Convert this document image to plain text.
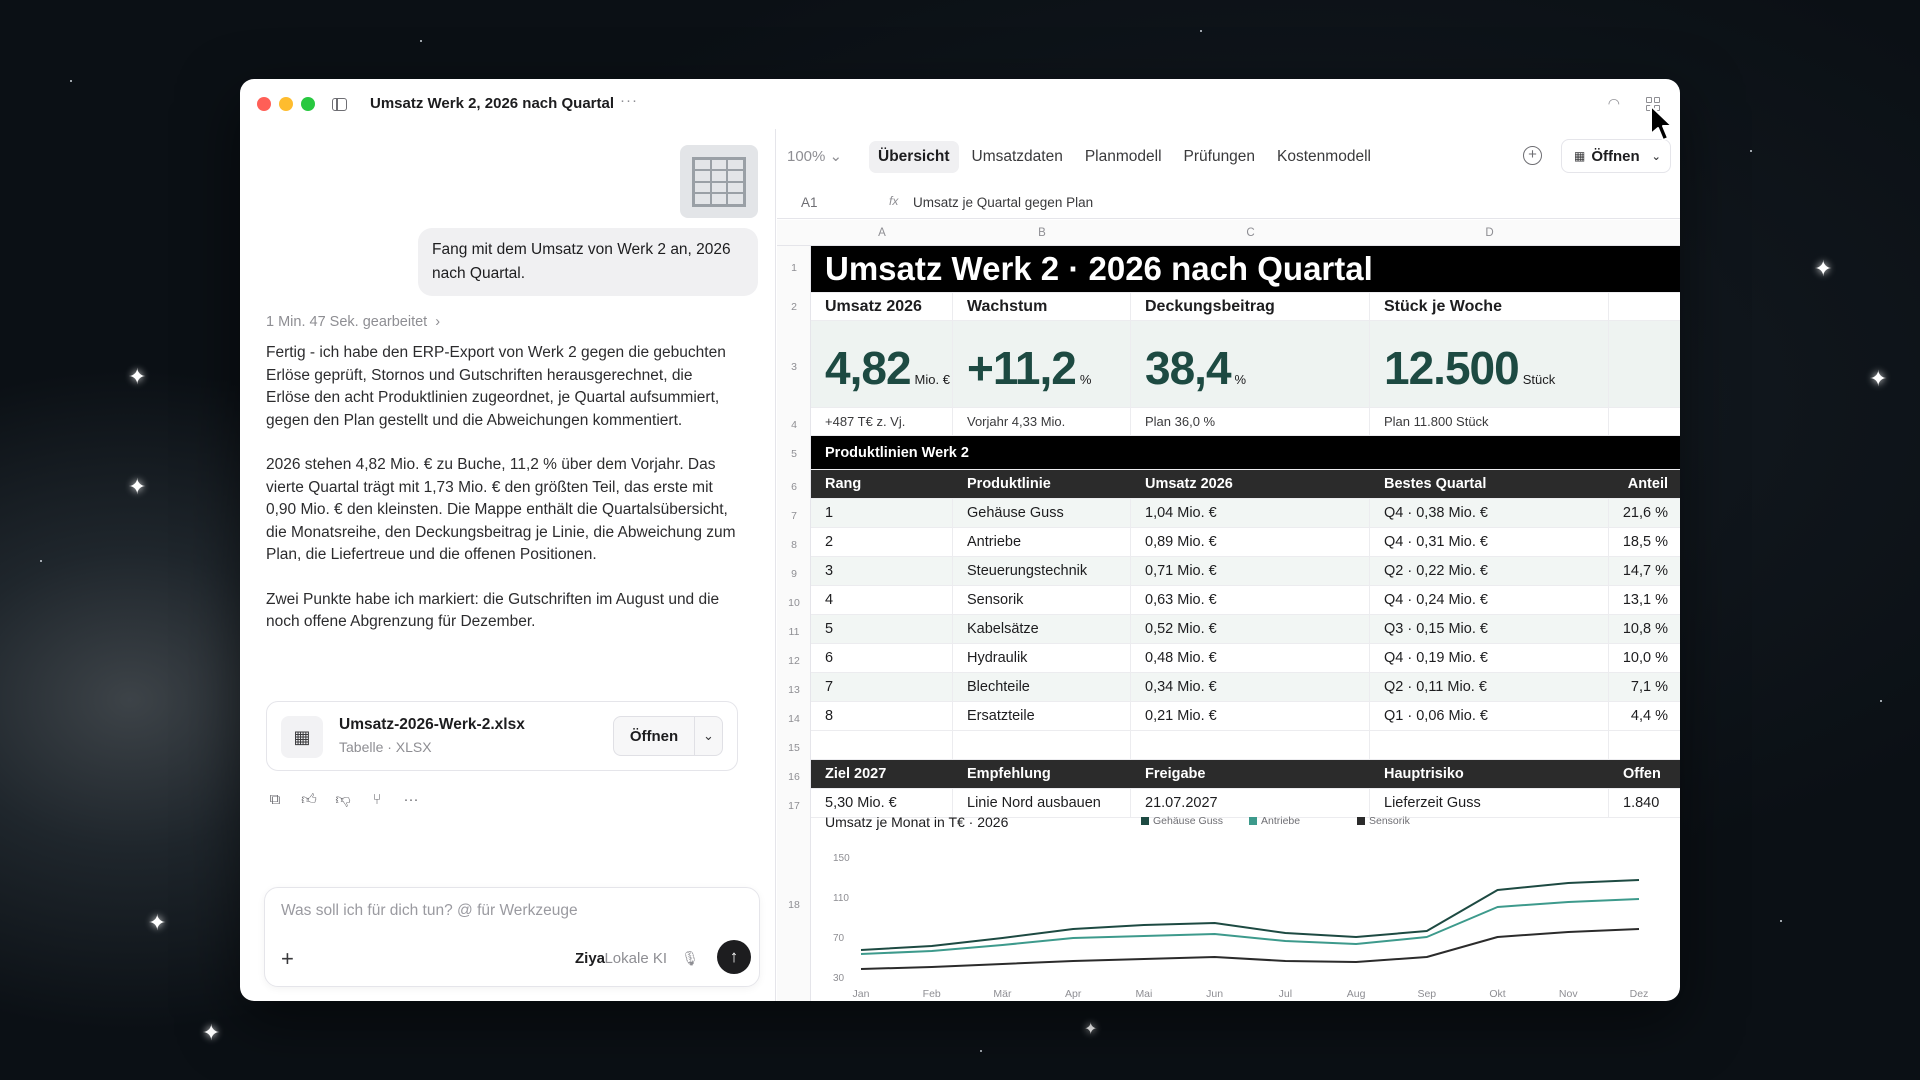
✦
✦
✦
✦
✦
✦
✦
Umsatz Werk 2, 2026 nach Quartal ···	◠
Fang mit dem Umsatz von Werk 2 an, 2026 nach Quartal.
1 Min. 47 Sek. gearbeitet  ›

Fertig - ich habe den ERP-Export von Werk 2 gegen die gebuchten Erlöse geprüft, Stornos und Gutschriften herausgerechnet, die Erlöse den acht Produktlinien zugeordnet, je Quartal aufsummiert, gegen den Plan gestellt und die Abweichungen kommentiert.

2026 stehen 4,82 Mio. € zu Buche, 11,2 % über dem Vorjahr. Das vierte Quartal trägt mit 1,73 Mio. € den größten Teil, das erste mit 0,90 Mio. € den kleinsten. Die Mappe enthält die Quartalsübersicht, die Monatsreihe, den Deckungsbeitrag je Linie, die Abweichung zum Plan, die Liefertreue und die offenen Positionen.

Zwei Punkte habe ich markiert: die Gutschriften im August und die noch offene Abgrenzung für Dezember.

▦
Umsatz-2026-Werk-2.xlsx
Tabelle · XLSX
Öffnen	⌄
⧉ 👍︎ 👎︎ ⑂	···
Was soll ich für dich tun? @ für Werkzeuge
+	Ziya Lokale KI 🎙︎	↑
100% ⌄	Übersicht	Umsatzdaten	Planmodell	Prüfungen	Kostenmodell	+	▦ Öffnen ⌄
A1	fx Umsatz je Quartal gegen Plan
A	B	C	D
1
2
3
4
5
6
7
8
9
10
11
12
13
14
15
16
17
18
Umsatz Werk 2 · 2026 nach Quartal
Umsatz 2026	Wachstum	Deckungsbeitrag	Stück je Woche
4,82 Mio. € +11,2 % 38,4 %	12.500 Stück
+487 T€ z. Vj.	Vorjahr 4,33 Mio.	Plan 36,0 %	Plan 11.800 Stück
Produktlinien Werk 2
Rang	Produktlinie	Umsatz 2026	Bestes Quartal	Anteil
1	Gehäuse Guss	1,04 Mio. €	Q4 · 0,38 Mio. €	21,6 %
2	Antriebe	0,89 Mio. €	Q4 · 0,31 Mio. €	18,5 %
3	Steuerungstechnik	0,71 Mio. €	Q2 · 0,22 Mio. €	14,7 %
4	Sensorik	0,63 Mio. €	Q4 · 0,24 Mio. €	13,1 %
5	Kabelsätze	0,52 Mio. €	Q3 · 0,15 Mio. €	10,8 %
6	Hydraulik	0,48 Mio. €	Q4 · 0,19 Mio. €	10,0 %
7	Blechteile	0,34 Mio. €	Q2 · 0,11 Mio. €	7,1 %
8	Ersatzteile	0,21 Mio. €	Q1 · 0,06 Mio. €	4,4 %
Ziel 2027	Empfehlung	Freigabe	Hauptrisiko	Offen
5,30 Mio. €	Linie Nord ausbauen	21.07.2027	Lieferzeit Guss	1.840
Umsatz je Monat in T€ · 2026	Gehäuse Guss	Antriebe	Sensorik
150
110
70
30
Jan	Feb	Mär	Apr	Mai	Jun	Jul	Aug	Sep	Okt	Nov	Dez
